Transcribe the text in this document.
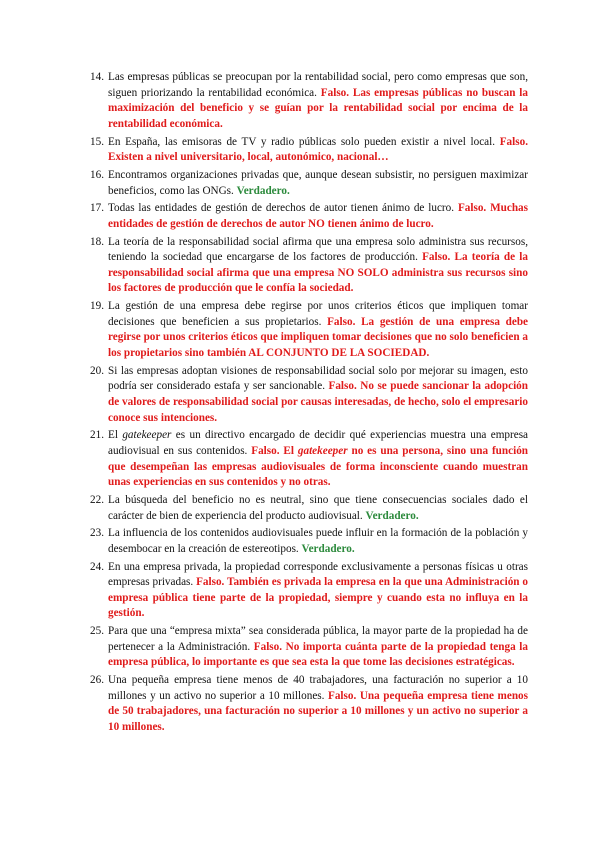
14. Las empresas públicas se preocupan por la rentabilidad social, pero como empresas que son, siguen priorizando la rentabilidad económica. Falso. Las empresas públicas no buscan la maximización del beneficio y se guían por la rentabilidad social por encima de la rentabilidad económica.
15. En España, las emisoras de TV y radio públicas solo pueden existir a nivel local. Falso. Existen a nivel universitario, local, autonómico, nacional…
16. Encontramos organizaciones privadas que, aunque desean subsistir, no persiguen maximizar beneficios, como las ONGs. Verdadero.
17. Todas las entidades de gestión de derechos de autor tienen ánimo de lucro. Falso. Muchas entidades de gestión de derechos de autor NO tienen ánimo de lucro.
18. La teoría de la responsabilidad social afirma que una empresa solo administra sus recursos, teniendo la sociedad que encargarse de los factores de producción. Falso. La teoría de la responsabilidad social afirma que una empresa NO SOLO administra sus recursos sino los factores de producción que le confía la sociedad.
19. La gestión de una empresa debe regirse por unos criterios éticos que impliquen tomar decisiones que beneficien a sus propietarios. Falso. La gestión de una empresa debe regirse por unos criterios éticos que impliquen tomar decisiones que no solo beneficien a los propietarios sino también AL CONJUNTO DE LA SOCIEDAD.
20. Si las empresas adoptan visiones de responsabilidad social solo por mejorar su imagen, esto podría ser considerado estafa y ser sancionable. Falso. No se puede sancionar la adopción de valores de responsabilidad social por causas interesadas, de hecho, solo el empresario conoce sus intenciones.
21. El gatekeeper es un directivo encargado de decidir qué experiencias muestra una empresa audiovisual en sus contenidos. Falso. El gatekeeper no es una persona, sino una función que desempeñan las empresas audiovisuales de forma inconsciente cuando muestran unas experiencias en sus contenidos y no otras.
22. La búsqueda del beneficio no es neutral, sino que tiene consecuencias sociales dado el carácter de bien de experiencia del producto audiovisual. Verdadero.
23. La influencia de los contenidos audiovisuales puede influir en la formación de la población y desembocar en la creación de estereotipos. Verdadero.
24. En una empresa privada, la propiedad corresponde exclusivamente a personas físicas u otras empresas privadas. Falso. También es privada la empresa en la que una Administración o empresa pública tiene parte de la propiedad, siempre y cuando esta no influya en la gestión.
25. Para que una “empresa mixta” sea considerada pública, la mayor parte de la propiedad ha de pertenecer a la Administración. Falso. No importa cuánta parte de la propiedad tenga la empresa pública, lo importante es que sea esta la que tome las decisiones estratégicas.
26. Una pequeña empresa tiene menos de 40 trabajadores, una facturación no superior a 10 millones y un activo no superior a 10 millones. Falso. Una pequeña empresa tiene menos de 50 trabajadores, una facturación no superior a 10 millones y un activo no superior a 10 millones.
